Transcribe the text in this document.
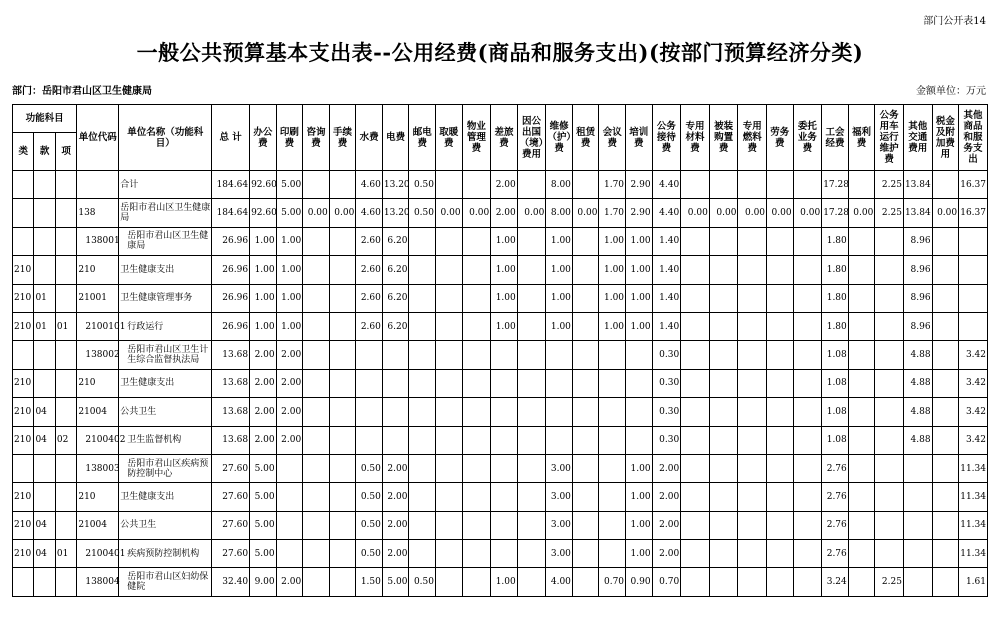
部门公开表14
一般公共预算基本支出表--公用经费(商品和服务支出)(按部门预算经济分类)
部门：岳阳市君山区卫生健康局	金额单位：万元
功能科目			单位代码	单位名称（功能科目）	总 计	办公费	印刷费	咨询费	手续费	水费	电费	邮电费	取暖费	物业管理费	差旅费	因公出国（境）费用	维修（护）费	租赁费	会议费	培训费	公务接待费	专用材料费	被装购置费	专用燃料费	劳务费	委托业务费	工会经费	福利费	公务用车运行维护费	其他交通费用	税金及附加费用	其他商品和服务支出
类	款	项																														
				合计	184.64	92.60	5.00			4.60	13.20	0.50			2.00		8.00		1.70	2.90	4.40						17.28		2.25	13.84		16.37
			138	岳阳市君山区卫生健康局	184.64	92.60	5.00	0.00	0.00	4.60	13.20	0.50	0.00	0.00	2.00	0.00	8.00	0.00	1.70	2.90	4.40	0.00	0.00	0.00	0.00	0.00	17.28	0.00	2.25	13.84	0.00	16.37
			138001	岳阳市君山区卫生健康局	26.96	1.00	1.00			2.60	6.20				1.00		1.00		1.00	1.00	1.40						1.80			8.96		
210			210	卫生健康支出	26.96	1.00	1.00			2.60	6.20				1.00		1.00		1.00	1.00	1.40						1.80			8.96		
210	01		21001	卫生健康管理事务	26.96	1.00	1.00			2.60	6.20				1.00		1.00		1.00	1.00	1.40						1.80			8.96		
210	01	01	2100101	行政运行	26.96	1.00	1.00			2.60	6.20				1.00		1.00		1.00	1.00	1.40						1.80			8.96		
			138002	岳阳市君山区卫生计生综合监督执法局	13.68	2.00	2.00														0.30						1.08			4.88		3.42
210			210	卫生健康支出	13.68	2.00	2.00														0.30						1.08			4.88		3.42
210	04		21004	公共卫生	13.68	2.00	2.00														0.30						1.08			4.88		3.42
210	04	02	2100402	卫生监督机构	13.68	2.00	2.00														0.30						1.08			4.88		3.42
			138003	岳阳市君山区疾病预防控制中心	27.60	5.00				0.50	2.00						3.00			1.00	2.00						2.76					11.34
210			210	卫生健康支出	27.60	5.00				0.50	2.00						3.00			1.00	2.00						2.76					11.34
210	04		21004	公共卫生	27.60	5.00				0.50	2.00						3.00			1.00	2.00						2.76					11.34
210	04	01	2100401	疾病预防控制机构	27.60	5.00				0.50	2.00						3.00			1.00	2.00						2.76					11.34
			138004	岳阳市君山区妇幼保健院	32.40	9.00	2.00			1.50	5.00	0.50			1.00		4.00		0.70	0.90	0.70						3.24		2.25			1.61
